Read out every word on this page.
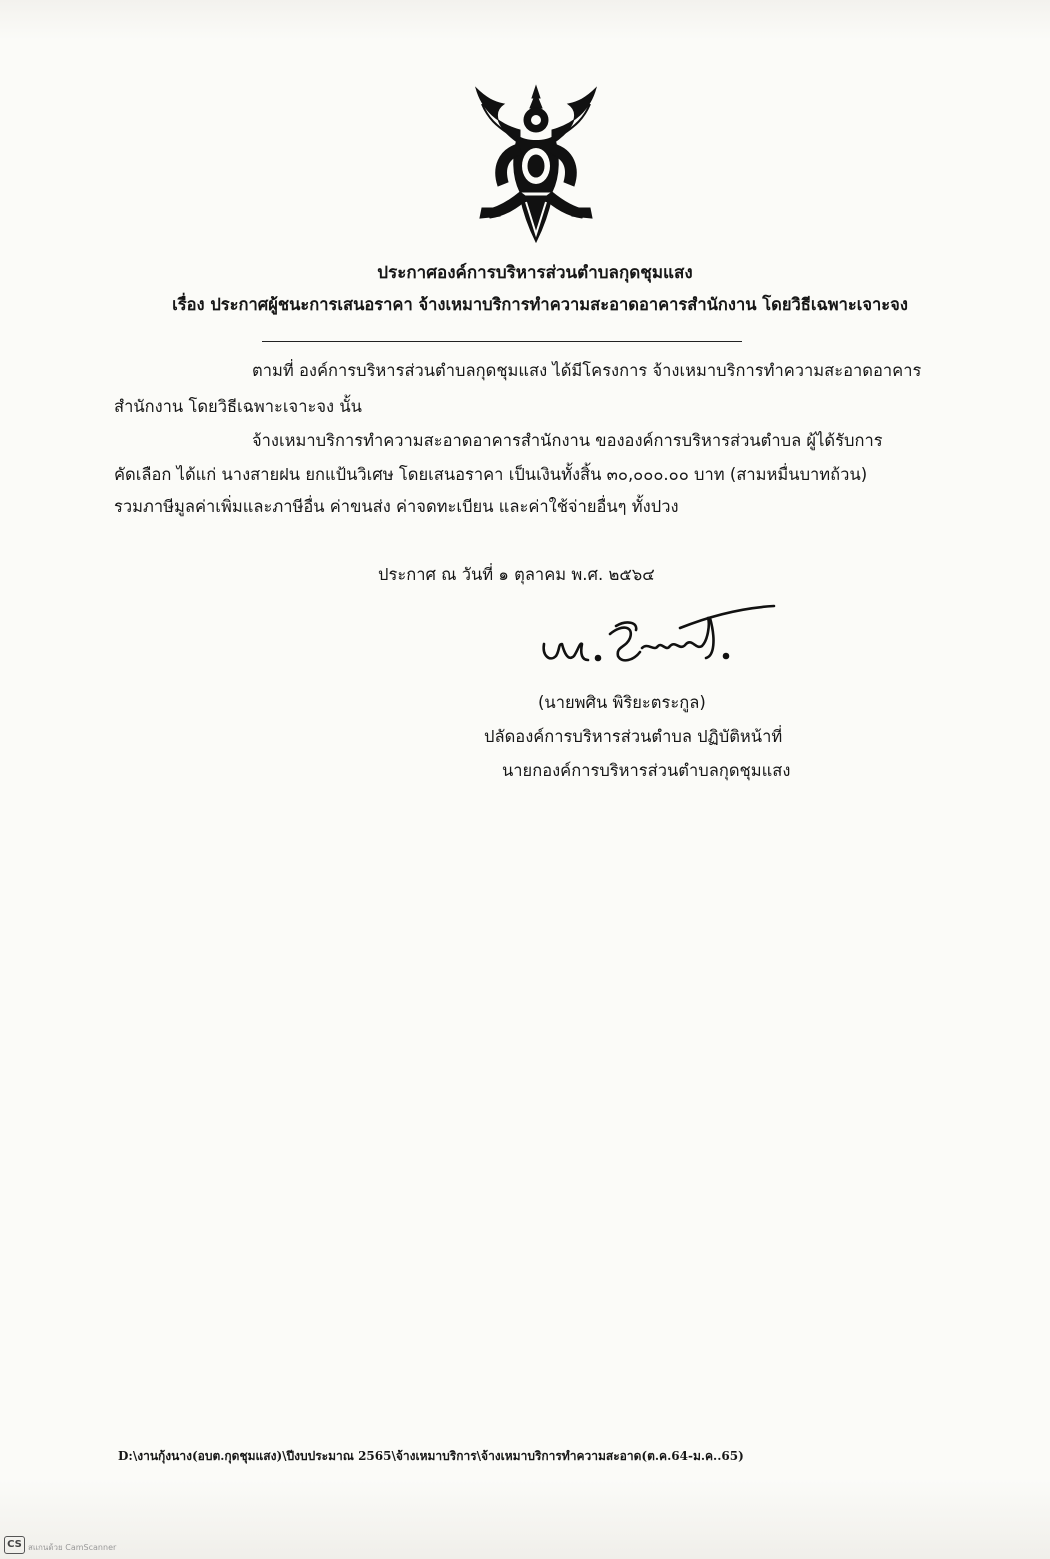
ประกาศองค์การบริหารส่วนตำบลกุดชุมแสง
เรื่อง ประกาศผู้ชนะการเสนอราคา จ้างเหมาบริการทำความสะอาดอาคารสำนักงาน โดยวิธีเฉพาะเจาะจง
ตามที่ องค์การบริหารส่วนตำบลกุดชุมแสง ได้มีโครงการ จ้างเหมาบริการทำความสะอาดอาคาร
สำนักงาน โดยวิธีเฉพาะเจาะจง นั้น
จ้างเหมาบริการทำความสะอาดอาคารสำนักงาน ขององค์การบริหารส่วนตำบล ผู้ได้รับการ
คัดเลือก ได้แก่ นางสายฝน ยกแป้นวิเศษ โดยเสนอราคา เป็นเงินทั้งสิ้น ๓๐,๐๐๐.๐๐ บาท (สามหมื่นบาทถ้วน)
รวมภาษีมูลค่าเพิ่มและภาษีอื่น ค่าขนส่ง ค่าจดทะเบียน และค่าใช้จ่ายอื่นๆ ทั้งปวง
ประกาศ ณ วันที่ ๑ ตุลาคม พ.ศ. ๒๕๖๔
(นายพศิน พิริยะตระกูล)
ปลัดองค์การบริหารส่วนตำบล ปฏิบัติหน้าที่
นายกองค์การบริหารส่วนตำบลกุดชุมแสง
D:\งานกุ้งนาง(อบต.กุดชุมแสง)\ปีงบประมาณ 2565\จ้างเหมาบริการ\จ้างเหมาบริการทำความสะอาด(ต.ค.64-ม.ค..65)
CS สแกนด้วย CamScanner
